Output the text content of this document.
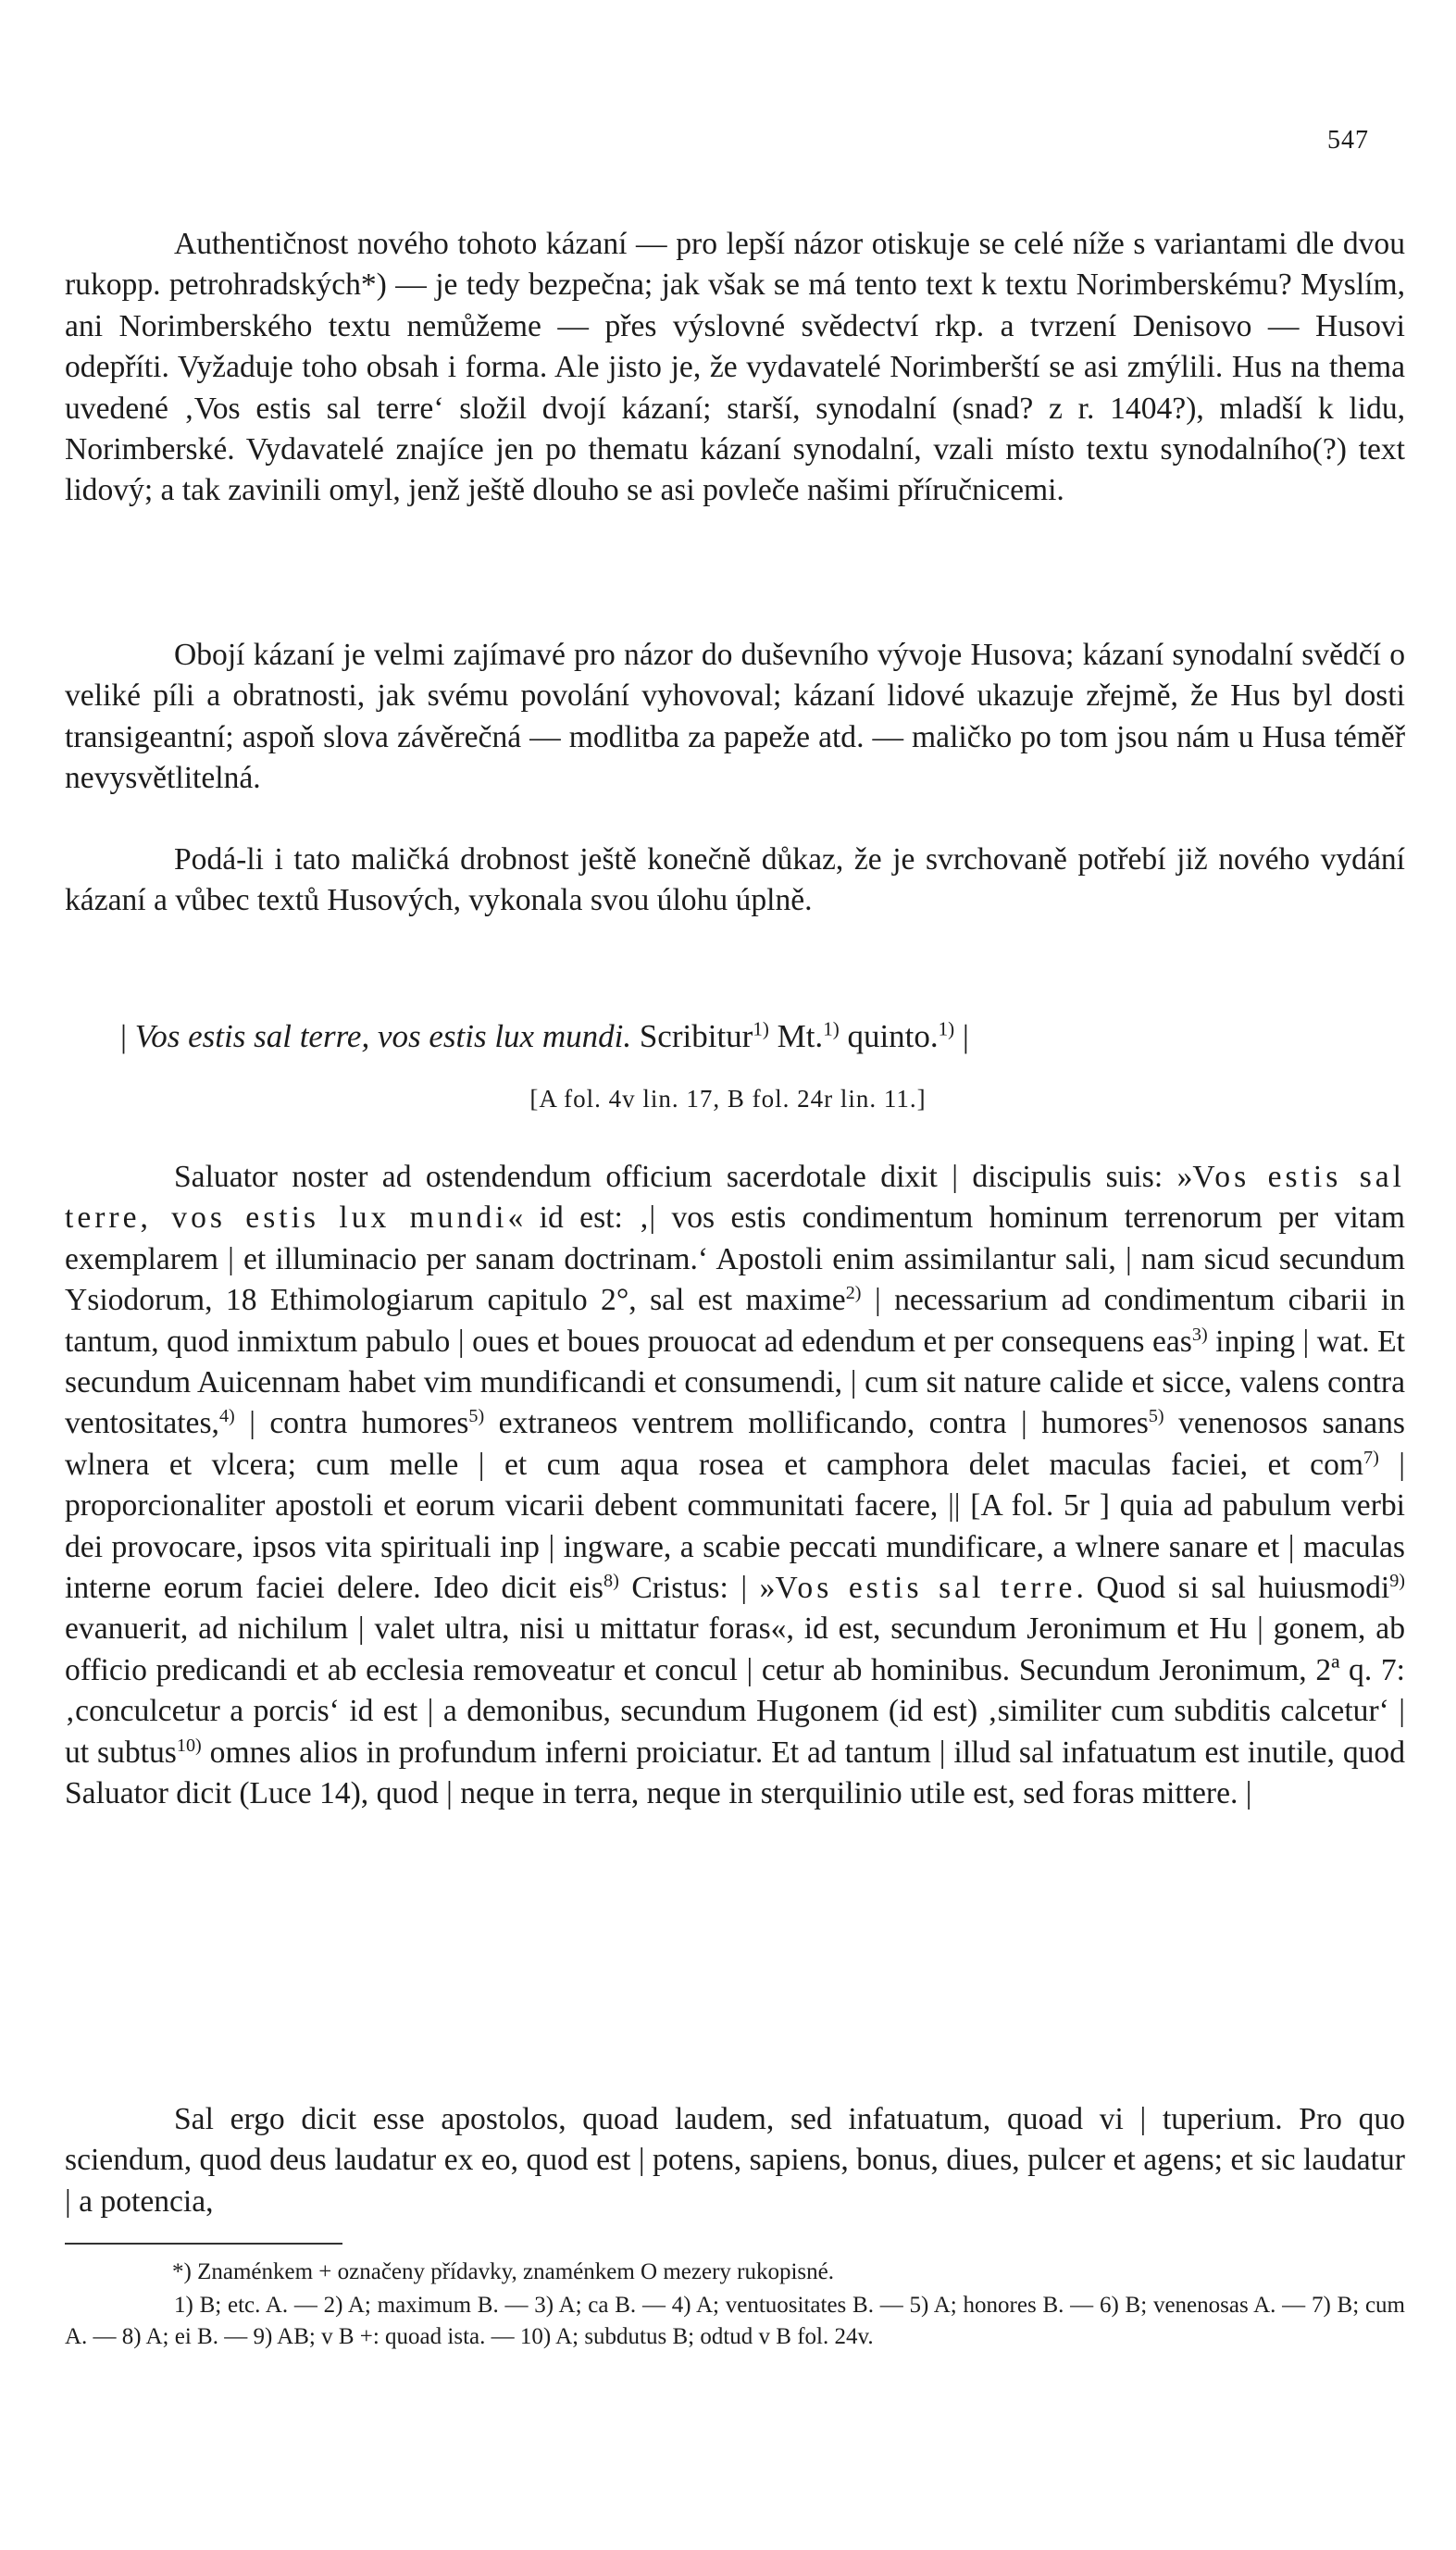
547

Authentičnost nového tohoto kázaní — pro lepší názor otiskuje se celé níže s variantami dle dvou rukopp. petrohradských*) — je tedy bezpečna; jak však se má tento text k textu Norimberskému? Myslím, ani Norimberského textu nemůžeme — přes výslovné svědectví rkp. a tvrzení Denisovo — Husovi odepříti. Vyžaduje toho obsah i forma. Ale jisto je, že vydavatelé Norimberští se asi zmýlili. Hus na thema uvedené ‚Vos estis sal terre‘ složil dvojí kázaní; starší, synodalní (snad? z r. 1404?), mladší k lidu, Norimberské. Vydavatelé znajíce jen po thematu kázaní synodalní, vzali místo textu synodalního(?) text lidový; a tak zavinili omyl, jenž ještě dlouho se asi povleče našimi příručnicemi.

Obojí kázaní je velmi zajímavé pro názor do duševního vývoje Husova; kázaní synodalní svědčí o veliké píli a obratnosti, jak svému povolání vyhovoval; kázaní lidové ukazuje zřejmě, že Hus byl dosti transigeantní; aspoň slova závěrečná — modlitba za papeže atd. — maličko po tom jsou nám u Husa téměř nevysvětlitelná.

Podá-li i tato maličká drobnost ještě konečně důkaz, že je svrchovaně potřebí již nového vydání kázaní a vůbec textů Husových, vykonala svou úlohu úplně.

| Vos estis sal terre, vos estis lux mundi. Scribitur$^{1)}$ Mt.$^{1)}$ quinto.$^{1)}$ |
[A fol. 4v lin. 17, B fol. 24r lin. 11.]

Saluator noster ad ostendendum officium sacerdotale dixit | discipulis suis: »Vos estis sal terre, vos estis lux mundi« id est: ‚| vos estis condimentum hominum terrenorum per vitam exemplarem | et illuminacio per sanam doctrinam.‘ Apostoli enim assimilantur sali, | nam sicud secundum Ysiodorum, 18 Ethimologiarum capitulo 2°, sal est maxime$^{2)}$ | necessarium ad condimentum cibarii in tantum, quod inmixtum pabulo | oues et boues prouocat ad edendum et per consequens eas$^{3)}$ inping | wat. Et secundum Auicennam habet vim mundificandi et consumendi, | cum sit nature calide et sicce, valens contra ventositates,$^{4)}$ | contra humores$^{5)}$ extraneos ventrem mollificando, contra | humores$^{5)}$ venenosos sanans wlnera et vlcera; cum melle | et cum aqua rosea et camphora delet maculas faciei, et com$^{7)}$ | proporcionaliter apostoli et eorum vicarii debent communitati facere, || [A fol. 5r ] quia ad pabulum verbi dei provocare, ipsos vita spirituali inp | ingware, a scabie peccati mundificare, a wlnere sanare et | maculas interne eorum faciei delere. Ideo dicit eis$^{8)}$ Cristus: | »Vos estis sal terre. Quod si sal huiusmodi$^{9)}$ evanuerit, ad nichilum | valet ultra, nisi u mittatur foras«, id est, secundum Jeronimum et Hu | gonem, ab officio predicandi et ab ecclesia removeatur et concul | cetur ab hominibus. Secundum Jeronimum, 2ª q. 7: ‚conculcetur a porcis‘ id est | a demonibus, secundum Hugonem (id est) ‚similiter cum subditis calcetur‘ | ut subtus$^{10)}$ omnes alios in profundum inferni proiciatur. Et ad tantum | illud sal infatuatum est inutile, quod Saluator dicit (Luce 14), quod | neque in terra, neque in sterquilinio utile est, sed foras mittere. |

Sal ergo dicit esse apostolos, quoad laudem, sed infatuatum, quoad vi | tuperium. Pro quo sciendum, quod deus laudatur ex eo, quod est | potens, sapiens, bonus, diues, pulcer et agens; et sic laudatur | a potencia,

*) Znaménkem + označeny přídavky, znaménkem O mezery rukopisné.
1) B; etc. A. — 2) A; maximum B. — 3) A; ca B. — 4) A; ventuositates B. — 5) A; honores B. — 6) B; venenosas A. — 7) B; cum A. — 8) A; ei B. — 9) AB; v B +: quoad ista. — 10) A; subdutus B; odtud v B fol. 24v.
